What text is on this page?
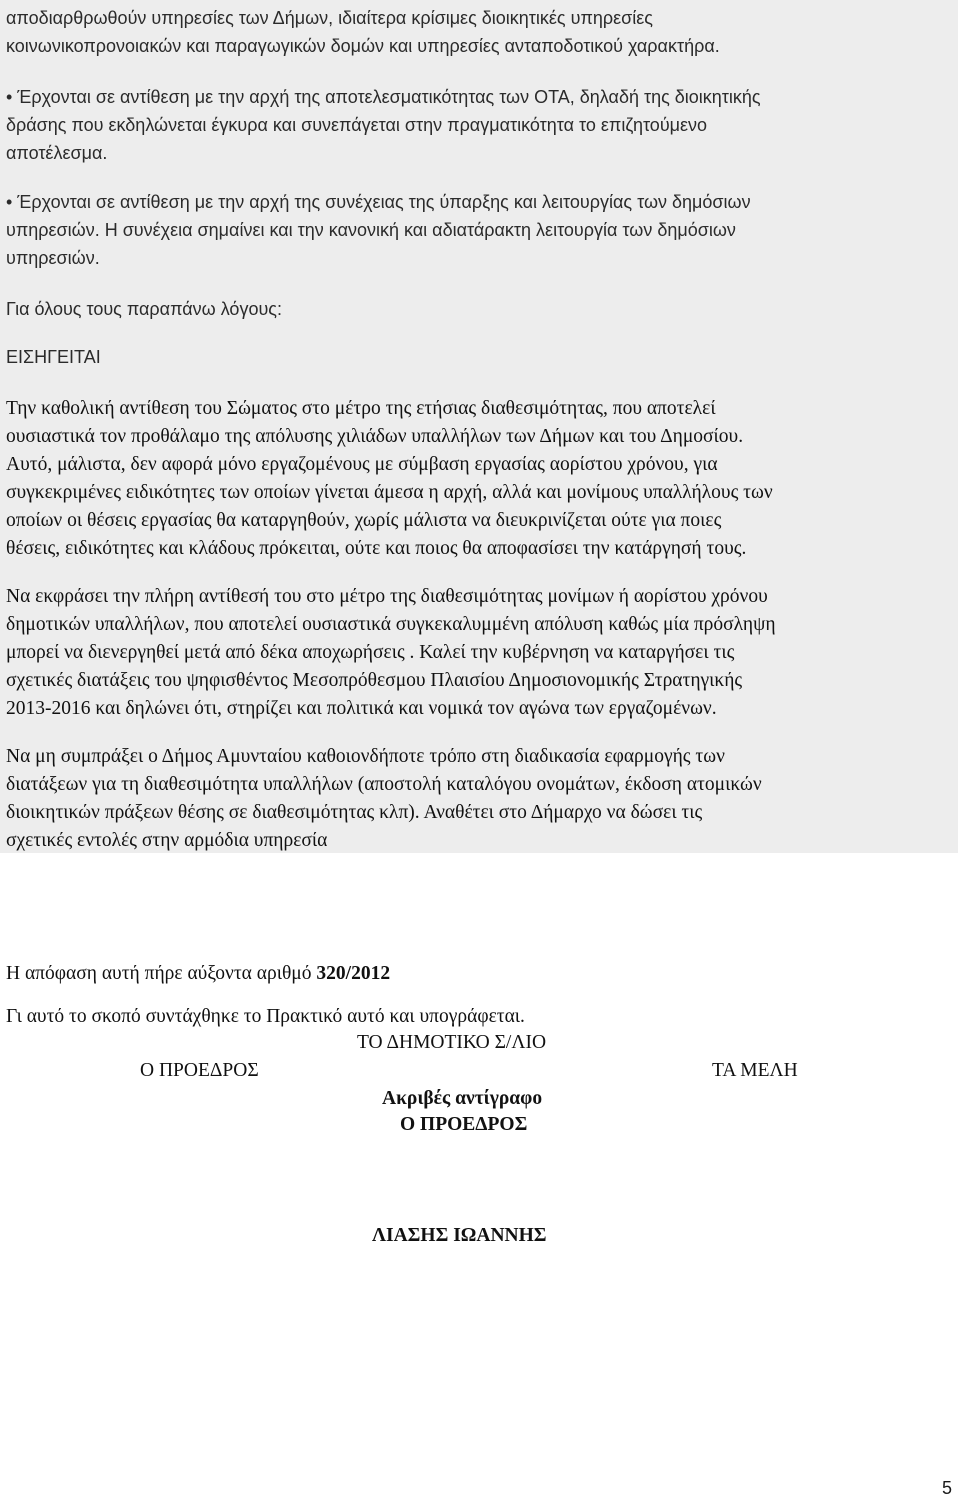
αποδιαρθρωθούν υπηρεσίες των Δήμων, ιδιαίτερα κρίσιμες διοικητικές υπηρεσίες
κοινωνικοπρονοιακών και παραγωγικών δομών και υπηρεσίες ανταποδοτικού χαρακτήρα.
• Έρχονται σε αντίθεση με την αρχή της αποτελεσματικότητας των ΟΤΑ, δηλαδή της διοικητικής
δράσης που εκδηλώνεται έγκυρα και συνεπάγεται στην πραγματικότητα το επιζητούμενο
αποτέλεσμα.
• Έρχονται σε αντίθεση με την αρχή της συνέχειας της ύπαρξης και λειτουργίας των δημόσιων
υπηρεσιών. Η συνέχεια σημαίνει και την κανονική και αδιατάρακτη λειτουργία των δημόσιων
υπηρεσιών.
Για όλους τους παραπάνω λόγους:
ΕΙΣΗΓΕΙΤΑΙ
Την καθολική αντίθεση του Σώματος στο μέτρο της ετήσιας διαθεσιμότητας, που αποτελεί
ουσιαστικά τον προθάλαμο της απόλυσης χιλιάδων υπαλλήλων των Δήμων και του Δημοσίου.
Αυτό, μάλιστα, δεν αφορά μόνο εργαζομένους με σύμβαση εργασίας αορίστου χρόνου, για
συγκεκριμένες ειδικότητες των οποίων γίνεται άμεσα η αρχή, αλλά και μονίμους υπαλλήλους των
οποίων οι θέσεις εργασίας θα καταργηθούν, χωρίς μάλιστα να διευκρινίζεται ούτε για ποιες
θέσεις, ειδικότητες και κλάδους πρόκειται, ούτε και ποιος θα αποφασίσει την κατάργησή τους.
Να εκφράσει την πλήρη αντίθεσή του στο μέτρο της διαθεσιμότητας μονίμων ή αορίστου χρόνου
δημοτικών υπαλλήλων, που αποτελεί ουσιαστικά συγκεκαλυμμένη απόλυση καθώς μία πρόσληψη
μπορεί να διενεργηθεί μετά από δέκα αποχωρήσεις . Καλεί την κυβέρνηση να καταργήσει τις
σχετικές διατάξεις του ψηφισθέντος Μεσοπρόθεσμου Πλαισίου Δημοσιονομικής Στρατηγικής
2013-2016 και δηλώνει ότι, στηρίζει και πολιτικά και νομικά τον αγώνα των εργαζομένων.
Να μη συμπράξει ο Δήμος Αμυνταίου καθοιονδήποτε τρόπο στη διαδικασία εφαρμογής των
διατάξεων για τη διαθεσιμότητα υπαλλήλων (αποστολή καταλόγου ονομάτων, έκδοση ατομικών
διοικητικών πράξεων θέσης σε διαθεσιμότητας κλπ). Αναθέτει στο Δήμαρχο να δώσει τις
σχετικές εντολές στην αρμόδια υπηρεσία
Η απόφαση αυτή πήρε αύξοντα αριθμό 320/2012
Γι αυτό το σκοπό συντάχθηκε το Πρακτικό αυτό και υπογράφεται.
ΤΟ ΔΗΜΟΤΙΚΟ Σ/ΛΙΟ
Ο ΠΡΟΕΔΡΟΣ	ΤΑ ΜΕΛΗ
Ακριβές αντίγραφο
Ο ΠΡΟΕΔΡΟΣ
ΛΙΑΣΗΣ ΙΩΑΝΝΗΣ
5
